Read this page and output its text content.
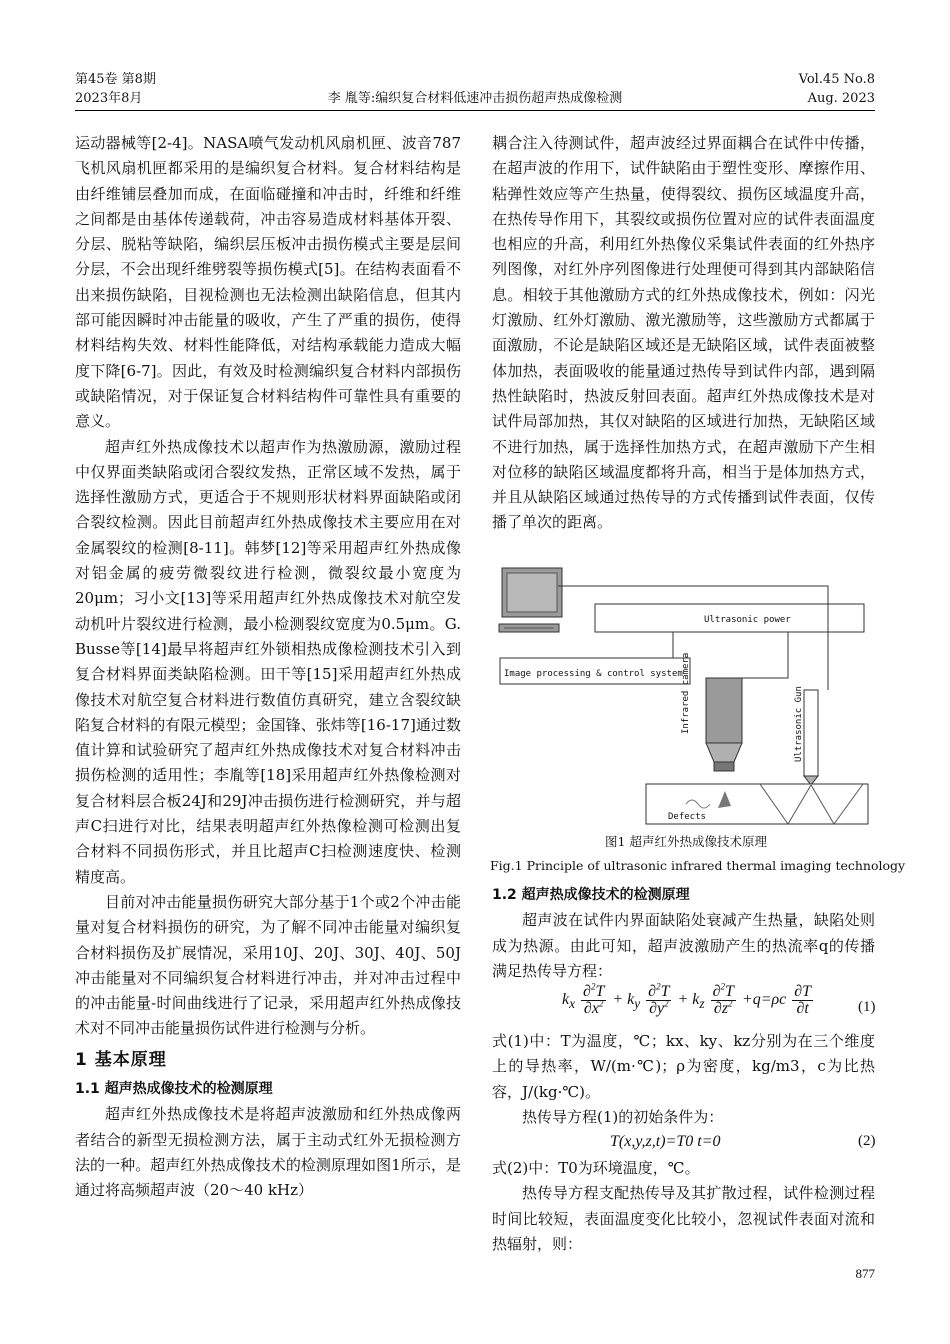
第45卷 第8期
2023年8月	李 胤等:编织复合材料低速冲击损伤超声热成像检测
Vol.45 No.8
Aug. 2023

运动器械等[2-4]。NASA喷气发动机风扇机匣、波音787飞机风扇机匣都采用的是编织复合材料。复合材料结构是由纤维铺层叠加而成，在面临碰撞和冲击时，纤维和纤维之间都是由基体传递载荷，冲击容易造成材料基体开裂、分层、脱粘等缺陷，编织层压板冲击损伤模式主要是层间分层，不会出现纤维劈裂等损伤模式[5]。在结构表面看不出来损伤缺陷，目视检测也无法检测出缺陷信息，但其内部可能因瞬时冲击能量的吸收，产生了严重的损伤，使得材料结构失效、材料性能降低，对结构承载能力造成大幅度下降[6-7]。因此，有效及时检测编织复合材料内部损伤或缺陷情况，对于保证复合材料结构件可靠性具有重要的意义。

超声红外热成像技术以超声作为热激励源，激励过程中仅界面类缺陷或闭合裂纹发热，正常区域不发热，属于选择性激励方式，更适合于不规则形状材料界面缺陷或闭合裂纹检测。因此目前超声红外热成像技术主要应用在对金属裂纹的检测[8-11]。韩梦[12]等采用超声红外热成像对铝金属的疲劳微裂纹进行检测，微裂纹最小宽度为20μm；习小文[13]等采用超声红外热成像技术对航空发动机叶片裂纹进行检测，最小检测裂纹宽度为0.5μm。G. Busse等[14]最早将超声红外锁相热成像检测技术引入到复合材料界面类缺陷检测。田干等[15]采用超声红外热成像技术对航空复合材料进行数值仿真研究，建立含裂纹缺陷复合材料的有限元模型；金国锋、张炜等[16-17]通过数值计算和试验研究了超声红外热成像技术对复合材料冲击损伤检测的适用性；李胤等[18]采用超声红外热像检测对复合材料层合板24J和29J冲击损伤进行检测研究，并与超声C扫进行对比，结果表明超声红外热像检测可检测出复合材料不同损伤形式，并且比超声C扫检测速度快、检测精度高。

目前对冲击能量损伤研究大部分基于1个或2个冲击能量对复合材料损伤的研究，为了解不同冲击能量对编织复合材料损伤及扩展情况，采用10J、20J、30J、40J、50J冲击能量对不同编织复合材料进行冲击，并对冲击过程中的冲击能量-时间曲线进行了记录，采用超声红外热成像技术对不同冲击能量损伤试件进行检测与分析。

1 基本原理

1.1 超声热成像技术的检测原理

超声红外热成像技术是将超声波激励和红外热成像两者结合的新型无损检测方法，属于主动式红外无损检测方法的一种。超声红外热成像技术的检测原理如图1所示，是通过将高频超声波（20～40 kHz）

耦合注入待测试件，超声波经过界面耦合在试件中传播，在超声波的作用下，试件缺陷由于塑性变形、摩擦作用、粘弹性效应等产生热量，使得裂纹、损伤区域温度升高，在热传导作用下，其裂纹或损伤位置对应的试件表面温度也相应的升高，利用红外热像仪采集试件表面的红外热序列图像，对红外序列图像进行处理便可得到其内部缺陷信息。相较于其他激励方式的红外热成像技术，例如：闪光灯激励、红外灯激励、激光激励等，这些激励方式都属于面激励，不论是缺陷区域还是无缺陷区域，试件表面被整体加热，表面吸收的能量通过热传导到试件内部，遇到隔热性缺陷时，热波反射回表面。超声红外热成像技术是对试件局部加热，其仅对缺陷的区域进行加热，无缺陷区域不进行加热，属于选择性加热方式，在超声激励下产生相对位移的缺陷区域温度都将升高，相当于是体加热方式，并且从缺陷区域通过热传导的方式传播到试件表面，仅传播了单次的距离。

Ultrasonic power
Image processing & control system
Infrared camera	Ultrasonic Gun
Defects
图1 超声红外热成像技术原理
Fig.1 Principle of ultrasonic infrared thermal imaging technology

1.2 超声热成像技术的检测原理

超声波在试件内界面缺陷处衰减产生热量，缺陷处则成为热源。由此可知，超声波激励产生的热流率q的传播满足热传导方程：

$k_x \frac{\partial^2T}{\partial x^2} + k_y \frac{\partial^2T}{\partial y^2} + k_z \frac{\partial^2T}{\partial z^2} +q=\rho c \frac{\partial T}{\partial t}$	(1)

式(1)中：T为温度，℃；kx、ky、kz分别为在三个维度上的导热率，W/(m·℃)；ρ为密度，kg/m3，c为比热容，J/(kg·℃)。

热传导方程(1)的初始条件为：

T(x,y,z,t)=T0 t=0	(2)

式(2)中：T0为环境温度，℃。

热传导方程支配热传导及其扩散过程，试件检测过程时间比较短，表面温度变化比较小，忽视试件表面对流和热辐射，则：

877
